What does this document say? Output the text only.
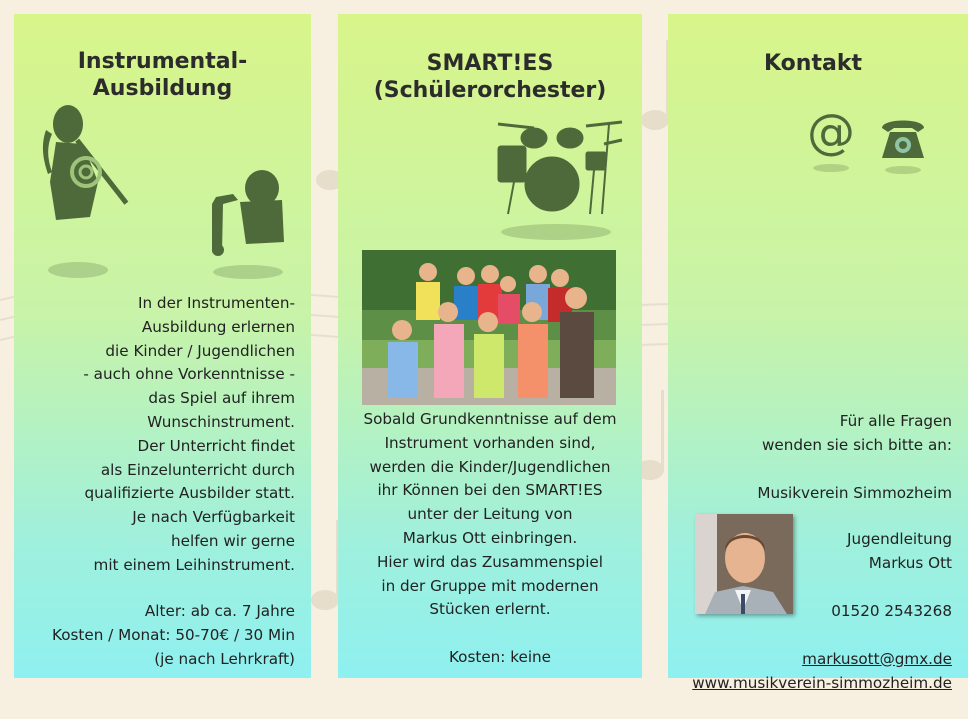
Instrumental-
Ausbildung
In der Instrumenten-
Ausbildung erlernen
die Kinder / Jugendlichen
- auch ohne Vorkenntnisse -
das Spiel auf ihrem
Wunschinstrument.
Der Unterricht findet
als Einzelunterricht durch
qualifizierte Ausbilder statt.
Je nach Verfügbarkeit
helfen wir gerne
mit einem Leihinstrument.
Alter: ab ca. 7 Jahre
Kosten / Monat: 50-70€ / 30 Min
(je nach Lehrkraft)
SMART!ES
(Schülerorchester)
Sobald Grundkenntnisse auf dem
Instrument vorhanden sind,
werden die Kinder/Jugendlichen
ihr Können bei den SMART!ES
unter der Leitung von
Markus Ott einbringen.
Hier wird das Zusammenspiel
in der Gruppe mit modernen
Stücken erlernt.
Kosten: keine
Kontakt
@
Für alle Fragen
wenden sie sich bitte an:
Musikverein Simmozheim
Jugendleitung
Markus Ott
01520 2543268

markusott@gmx.de

www.musikverein-simmozheim.de
